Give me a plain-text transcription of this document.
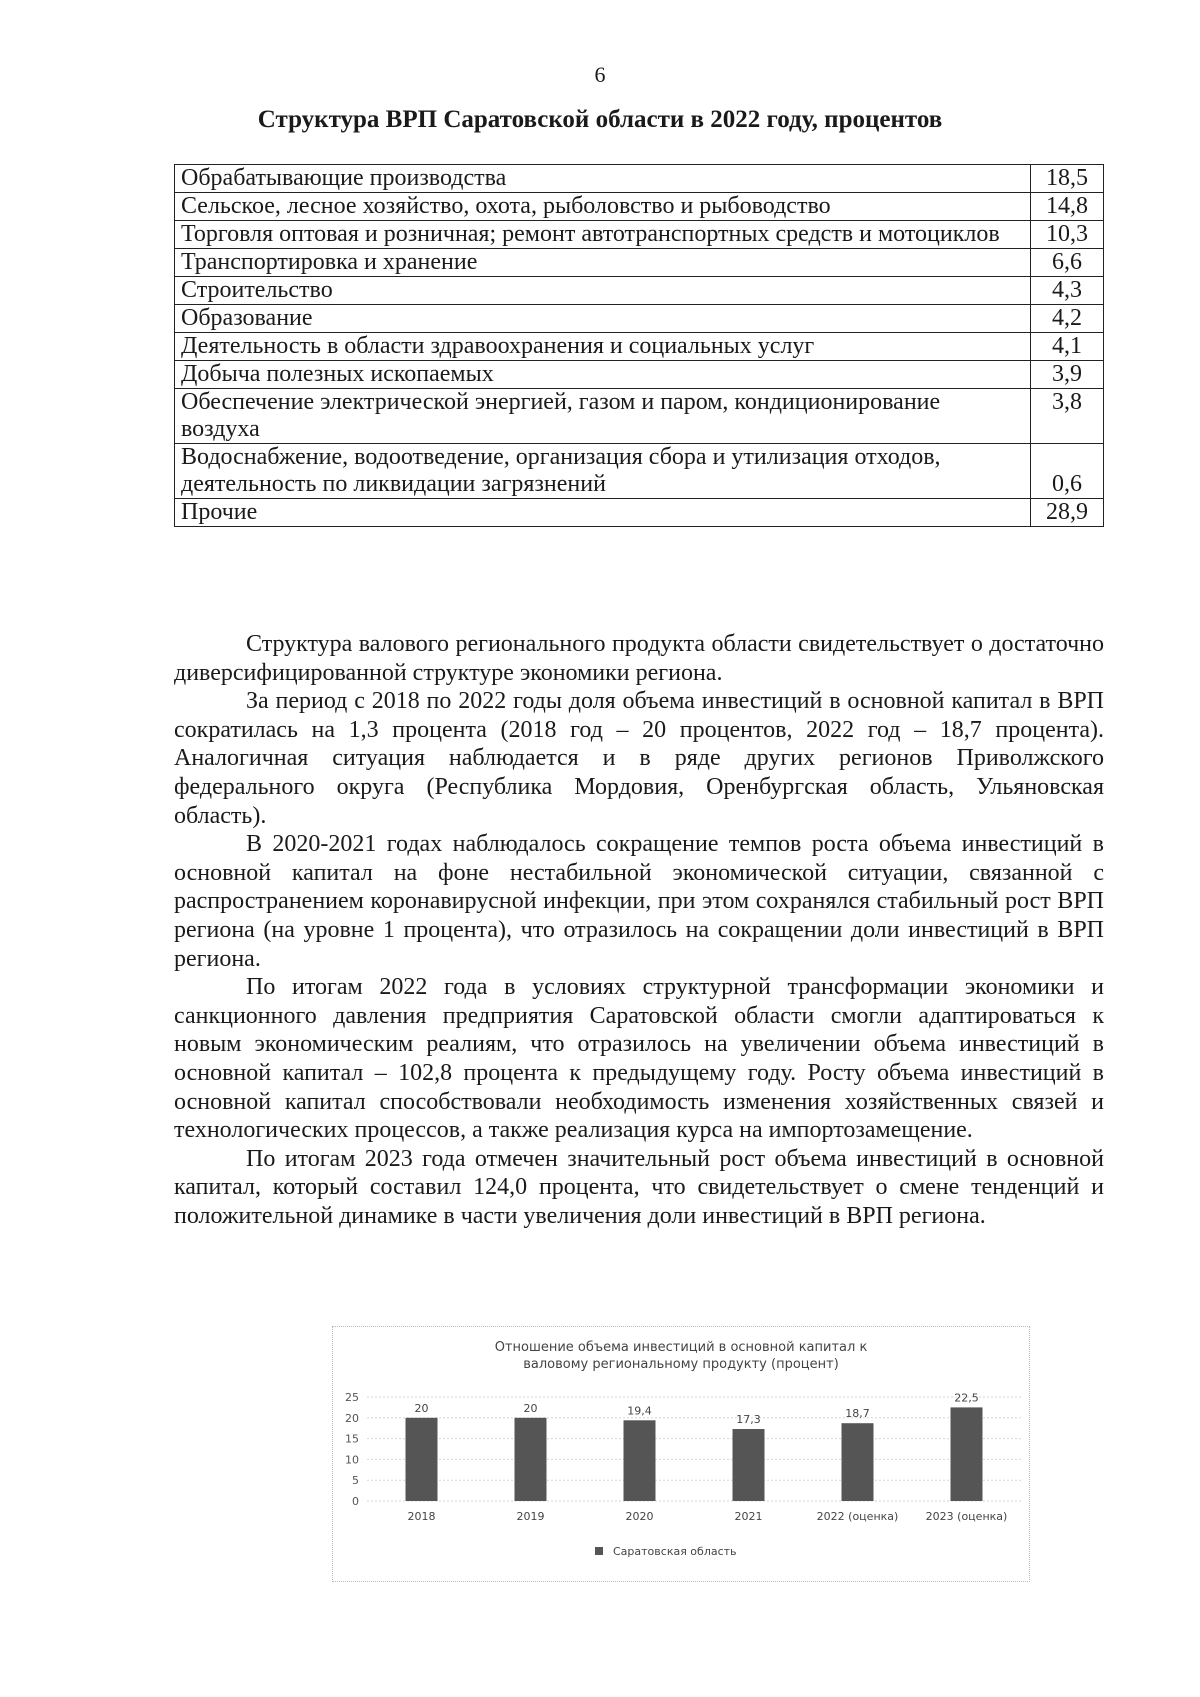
6
Структура ВРП Саратовской области в 2022 году, процентов
Обрабатывающие производства	18,5
Сельское, лесное хозяйство, охота, рыболовство и рыбоводство	14,8
Торговля оптовая и розничная; ремонт автотранспортных средств и мотоциклов	10,3
Транспортировка и хранение	6,6
Строительство	4,3
Образование	4,2
Деятельность в области здравоохранения и социальных услуг	4,1
Добыча полезных ископаемых	3,9
Обеспечение электрической энергией, газом и паром, кондиционирование воздуха	3,8
Водоснабжение, водоотведение, организация сбора и утилизация отходов, деятельность по ликвидации загрязнений	0,6
Прочие	28,9

Структура валового регионального продукта области свидетельствует о достаточно диверсифицированной структуре экономики региона.

За период с 2018 по 2022 годы доля объема инвестиций в основной капитал в ВРП сократилась на 1,3 процента (2018 год – 20 процентов, 2022 год – 18,7 процента). Аналогичная ситуация наблюдается и в ряде других регионов Приволжского федерального округа (Республика Мордовия, Оренбургская область, Ульяновская область).

В 2020-2021 годах наблюдалось сокращение темпов роста объема инвестиций в основной капитал на фоне нестабильной экономической ситуации, связанной с распространением коронавирусной инфекции, при этом сохранялся стабильный рост ВРП региона (на уровне 1 процента), что отразилось на сокращении доли инвестиций в ВРП региона.

По итогам 2022 года в условиях структурной трансформации экономики и санкционного давления предприятия Саратовской области смогли адаптироваться к новым экономическим реалиям, что отразилось на увеличении объема инвестиций в основной капитал – 102,8 процента к предыдущему году. Росту объема инвестиций в основной капитал способствовали необходимость изменения хозяйственных связей и технологических процессов, а также реализация курса на импортозамещение.

По итогам 2023 года отмечен значительный рост объема инвестиций в основной капитал, который составил 124,0 процента, что свидетельствует о смене тенденций и положительной динамике в части увеличения доли инвестиций в ВРП региона.

Отношение объема инвестиций в основной капитал к
валовому региональному продукту (процент)
0
5
10
15
20
25
20
2018
20
2019
19,4
2020
17,3
2021
18,7
2022 (оценка)
22,5
2023 (оценка)
Саратовская область
